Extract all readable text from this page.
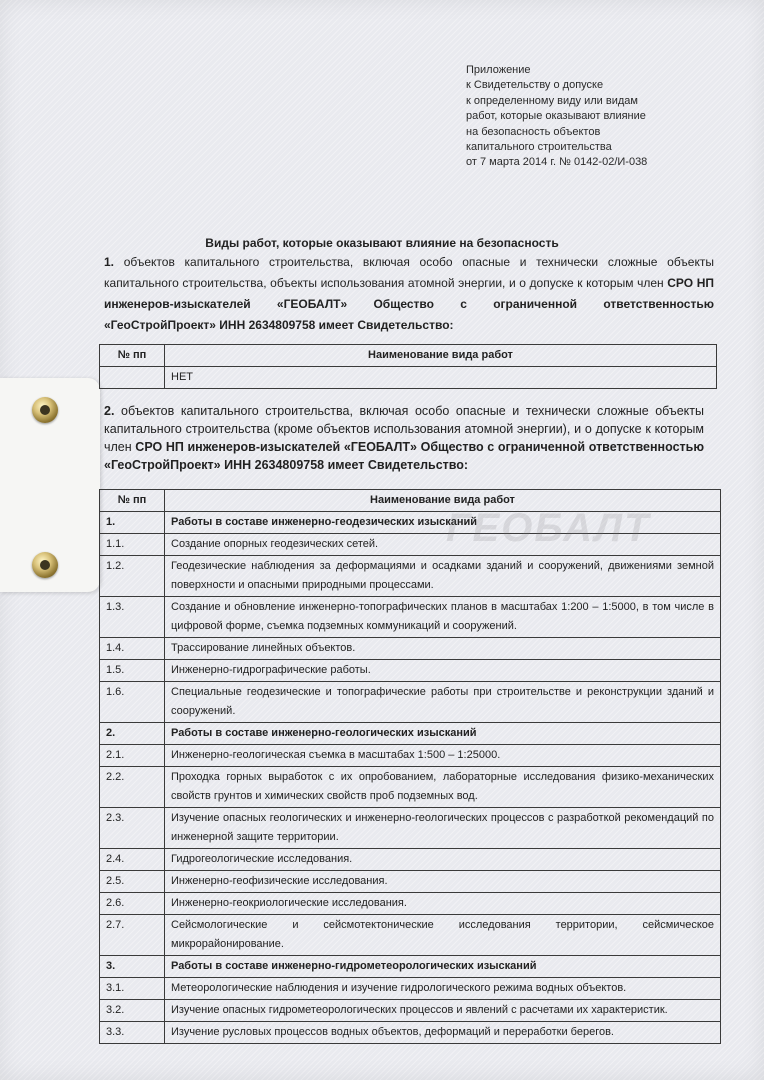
Приложение
к Свидетельству о допуске
к определенному виду или видам
работ, которые оказывают влияние
на безопасность объектов
капитального строительства
от 7 марта 2014 г. № 0142-02/И-038
Виды работ, которые оказывают влияние на безопасность
1. объектов капитального строительства, включая особо опасные и технически сложные объекты капитального строительства, объекты использования атомной энергии, и о допуске к которым член СРО НП инженеров-изыскателей «ГЕОБАЛТ» Общество с ограниченной ответственностью «ГеоСтройПроект» ИНН 2634809758 имеет Свидетельство:
№ пп	Наименование вида работ
	НЕТ
2. объектов капитального строительства, включая особо опасные и технически сложные объекты капитального строительства (кроме объектов использования атомной энергии), и о допуске к которым член СРО НП инженеров-изыскателей «ГЕОБАЛТ» Общество с ограниченной ответственностью «ГеоСтройПроект» ИНН 2634809758 имеет Свидетельство:
№ пп	Наименование вида работ
1.	Работы в составе инженерно-геодезических изысканий
1.1.	Создание опорных геодезических сетей.
1.2.	Геодезические наблюдения за деформациями и осадками зданий и сооружений, движениями земной поверхности и опасными природными процессами.
1.3.	Создание и обновление инженерно-топографических планов в масштабах 1:200 – 1:5000, в том числе в цифровой форме, съемка подземных коммуникаций и сооружений.
1.4.	Трассирование линейных объектов.
1.5.	Инженерно-гидрографические работы.
1.6.	Специальные геодезические и топографические работы при строительстве и реконструкции зданий и сооружений.
2.	Работы в составе инженерно-геологических изысканий
2.1.	Инженерно-геологическая съемка в масштабах 1:500 – 1:25000.
2.2.	Проходка горных выработок с их опробованием, лабораторные исследования физико-механических свойств грунтов и химических свойств проб подземных вод.
2.3.	Изучение опасных геологических и инженерно-геологических процессов с разработкой рекомендаций по инженерной защите территории.
2.4.	Гидрогеологические исследования.
2.5.	Инженерно-геофизические исследования.
2.6.	Инженерно-геокриологические исследования.
2.7.	Сейсмологические и сейсмотектонические исследования территории, сейсмическое микрорайонирование.
3.	Работы в составе инженерно-гидрометеорологических изысканий
3.1.	Метеорологические наблюдения и изучение гидрологического режима водных объектов.
3.2.	Изучение опасных гидрометеорологических процессов и явлений с расчетами их характеристик.
3.3.	Изучение русловых процессов водных объектов, деформаций и переработки берегов.
ГЕОБАЛТ
